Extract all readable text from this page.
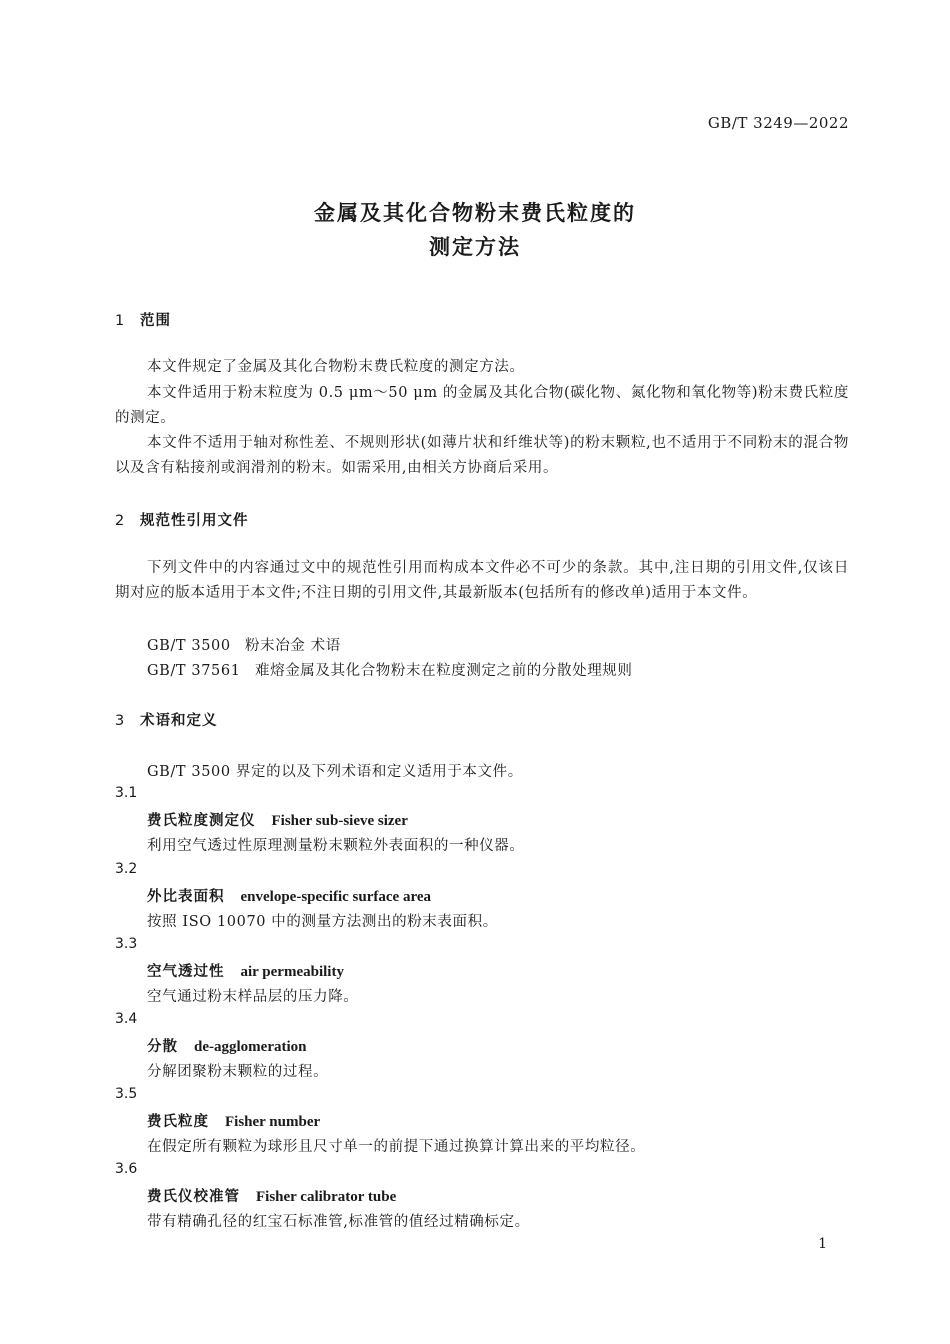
GB/T 3249—2022
金属及其化合物粉末费氏粒度的
测定方法
1 范围
本文件规定了金属及其化合物粉末费氏粒度的测定方法。
本文件适用于粉末粒度为 0.5 μm～50 μm 的金属及其化合物(碳化物、氮化物和氧化物等)粉末费氏粒度的测定。
本文件不适用于轴对称性差、不规则形状(如薄片状和纤维状等)的粉末颗粒,也不适用于不同粉末的混合物以及含有粘接剂或润滑剂的粉末。如需采用,由相关方协商后采用。
2 规范性引用文件
下列文件中的内容通过文中的规范性引用而构成本文件必不可少的条款。其中,注日期的引用文件,仅该日期对应的版本适用于本文件;不注日期的引用文件,其最新版本(包括所有的修改单)适用于本文件。
GB/T 3500 粉末冶金 术语
GB/T 37561 难熔金属及其化合物粉末在粒度测定之前的分散处理规则
3 术语和定义
GB/T 3500 界定的以及下列术语和定义适用于本文件。
3.1
费氏粒度测定仪 Fisher sub-sieve sizer
利用空气透过性原理测量粉末颗粒外表面积的一种仪器。
3.2
外比表面积 envelope-specific surface area
按照 ISO 10070 中的测量方法测出的粉末表面积。
3.3
空气透过性 air permeability
空气通过粉末样品层的压力降。
3.4
分散 de-agglomeration
分解团聚粉末颗粒的过程。
3.5
费氏粒度 Fisher number
在假定所有颗粒为球形且尺寸单一的前提下通过换算计算出来的平均粒径。
3.6
费氏仪校准管 Fisher calibrator tube
带有精确孔径的红宝石标准管,标准管的值经过精确标定。
1
